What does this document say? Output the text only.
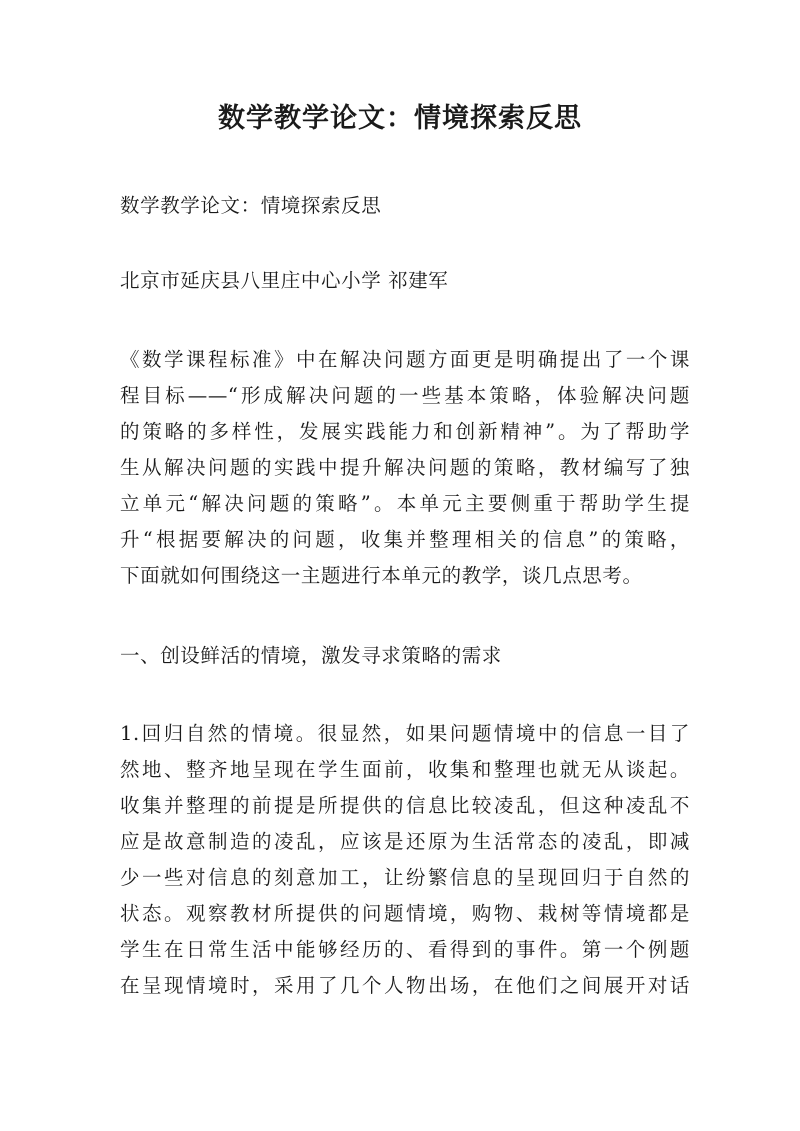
数学教学论文：情境探索反思
数学教学论文：情境探索反思
北京市延庆县八里庄中心小学 祁建军
《数学课程标准》中在解决问题方面更是明确提出了一个课
程目标——“形成解决问题的一些基本策略，体验解决问题
的策略的多样性，发展实践能力和创新精神”。为了帮助学
生从解决问题的实践中提升解决问题的策略，教材编写了独
立单元“解决问题的策略”。本单元主要侧重于帮助学生提
升“根据要解决的问题，收集并整理相关的信息”的策略，
下面就如何围绕这一主题进行本单元的教学，谈几点思考。
一、创设鲜活的情境，激发寻求策略的需求
1.回归自然的情境。很显然，如果问题情境中的信息一目了
然地、整齐地呈现在学生面前，收集和整理也就无从谈起。
收集并整理的前提是所提供的信息比较凌乱，但这种凌乱不
应是故意制造的凌乱，应该是还原为生活常态的凌乱，即减
少一些对信息的刻意加工，让纷繁信息的呈现回归于自然的
状态。观察教材所提供的问题情境，购物、栽树等情境都是
学生在日常生活中能够经历的、看得到的事件。第一个例题
在呈现情境时，采用了几个人物出场，在他们之间展开对话
